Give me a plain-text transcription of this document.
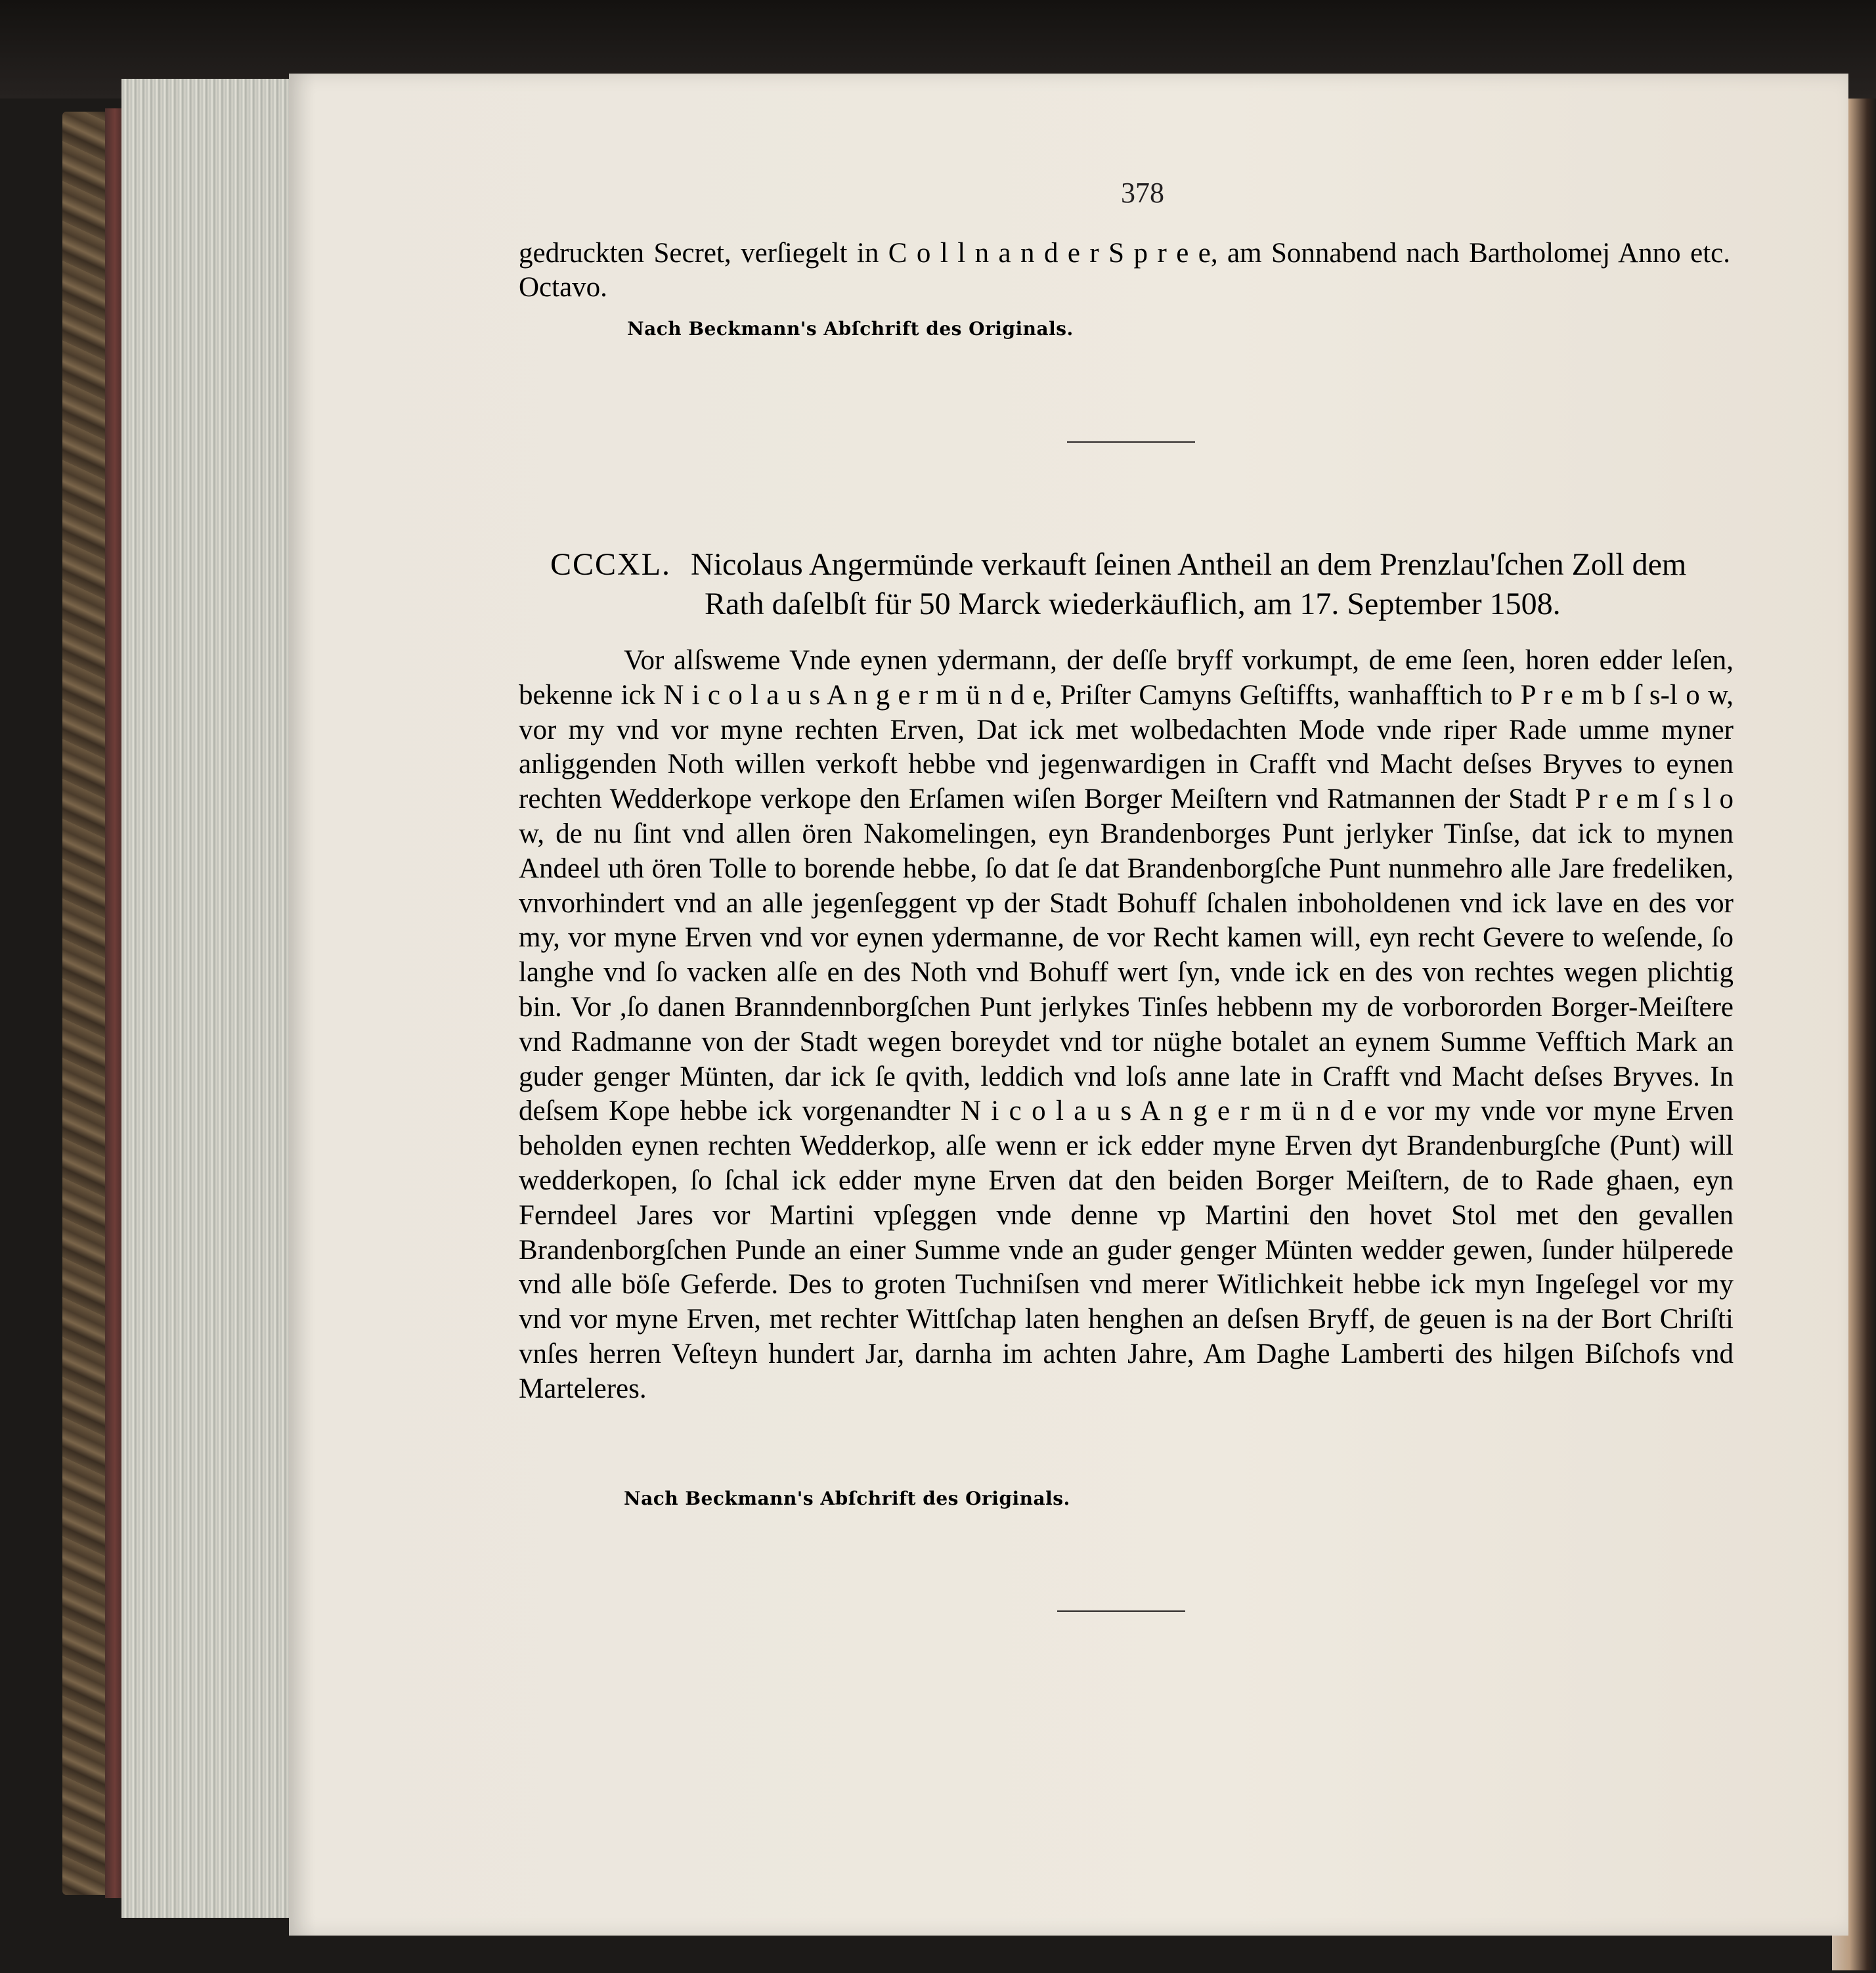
378
gedruckten Secret, verſiegelt in C o l l n a n d e r S p r e e, am Sonnabend nach Bartholomej Anno etc. Octavo.
Nach Beckmann's Abſchrift des Originals.
CCCXL. Nicolaus Angermünde verkauft ſeinen Antheil an dem Prenzlau'ſchen Zoll dem
Rath daſelbſt für 50 Marck wiederkäuflich, am 17. September 1508.
Vor alſsweme Vnde eynen ydermann, der deſſe bryff vorkumpt, de eme ſeen, horen edder leſen, bekenne ick N i c o l a u s A n g e r m ü n d e, Priſter Camyns Geſtiffts, wanhafftich to P r e m b ſ s-l o w, vor my vnd vor myne rechten Erven, Dat ick met wolbedachten Mode vnde riper Rade umme myner anliggenden Noth willen verkoft hebbe vnd jegenwardigen in Crafft vnd Macht deſses Bryves to eynen rechten Wedderkope verkope den Erſamen wiſen Borger Meiſtern vnd Ratmannen der Stadt P r e m ſ s l o w, de nu ſint vnd allen ören Nakomelingen, eyn Brandenborges Punt jerlyker Tinſse, dat ick to mynen Andeel uth ören Tolle to borende hebbe, ſo dat ſe dat Brandenborgſche Punt nunmehro alle Jare fredeliken, vnvorhindert vnd an alle jegenſeggent vp der Stadt Bohuff ſchalen inboholdenen vnd ick lave en des vor my, vor myne Erven vnd vor eynen ydermanne, de vor Recht kamen will, eyn recht Gevere to weſende, ſo langhe vnd ſo vacken alſe en des Noth vnd Bohuff wert ſyn, vnde ick en des von rechtes wegen plichtig bin. Vor ,ſo danen Branndennborgſchen Punt jerlykes Tinſes hebbenn my de vorbororden Borger-Meiſtere vnd Radmanne von der Stadt wegen boreydet vnd tor nüghe botalet an eynem Summe Vefftich Mark an guder genger Münten, dar ick ſe qvith, leddich vnd loſs anne late in Crafft vnd Macht deſses Bryves. In deſsem Kope hebbe ick vorgenandter N i c o l a u s A n g e r m ü n d e vor my vnde vor myne Erven beholden eynen rechten Wedderkop, alſe wenn er ick edder myne Erven dyt Brandenburgſche (Punt) will wedderkopen, ſo ſchal ick edder myne Erven dat den beiden Borger Meiſtern, de to Rade ghaen, eyn Ferndeel Jares vor Martini vpſeggen vnde denne vp Martini den hovet Stol met den gevallen Brandenborgſchen Punde an einer Summe vnde an guder genger Münten wedder gewen, ſunder hülperede vnd alle böſe Geferde. Des to groten Tuchniſsen vnd merer Witlichkeit hebbe ick myn Ingeſegel vor my vnd vor myne Erven, met rechter Wittſchap laten henghen an deſsen Bryff, de geuen is na der Bort Chriſti vnſes herren Veſteyn hundert Jar, darnha im achten Jahre, Am Daghe Lamberti des hilgen Biſchofs vnd Marteleres.
Nach Beckmann's Abſchrift des Originals.
